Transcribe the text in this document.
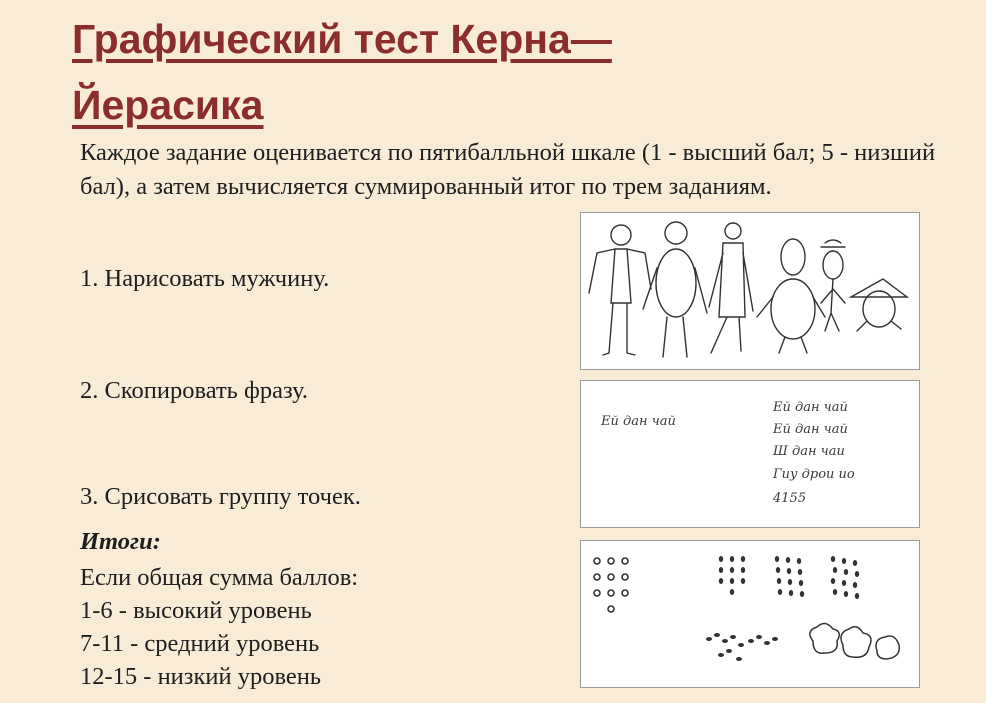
Графический тест Керна—Йерасика

Каждое задание оценивается по пятибалльной шкале (1 - высший бал; 5 - низший бал), а затем вычисляется суммированный итог по трем заданиям.

1. Нарисовать мужчину.

2. Скопировать фразу.

3. Срисовать группу точек.

Итоги:

Если общая сумма баллов:

1-6 - высокий уровень

7-11 - средний уровень

12-15 - низкий уровень

Ей дан чай
Ей дан чай
Ей дан чай
Ш дан чаи
Гиу дрои ио
4155
